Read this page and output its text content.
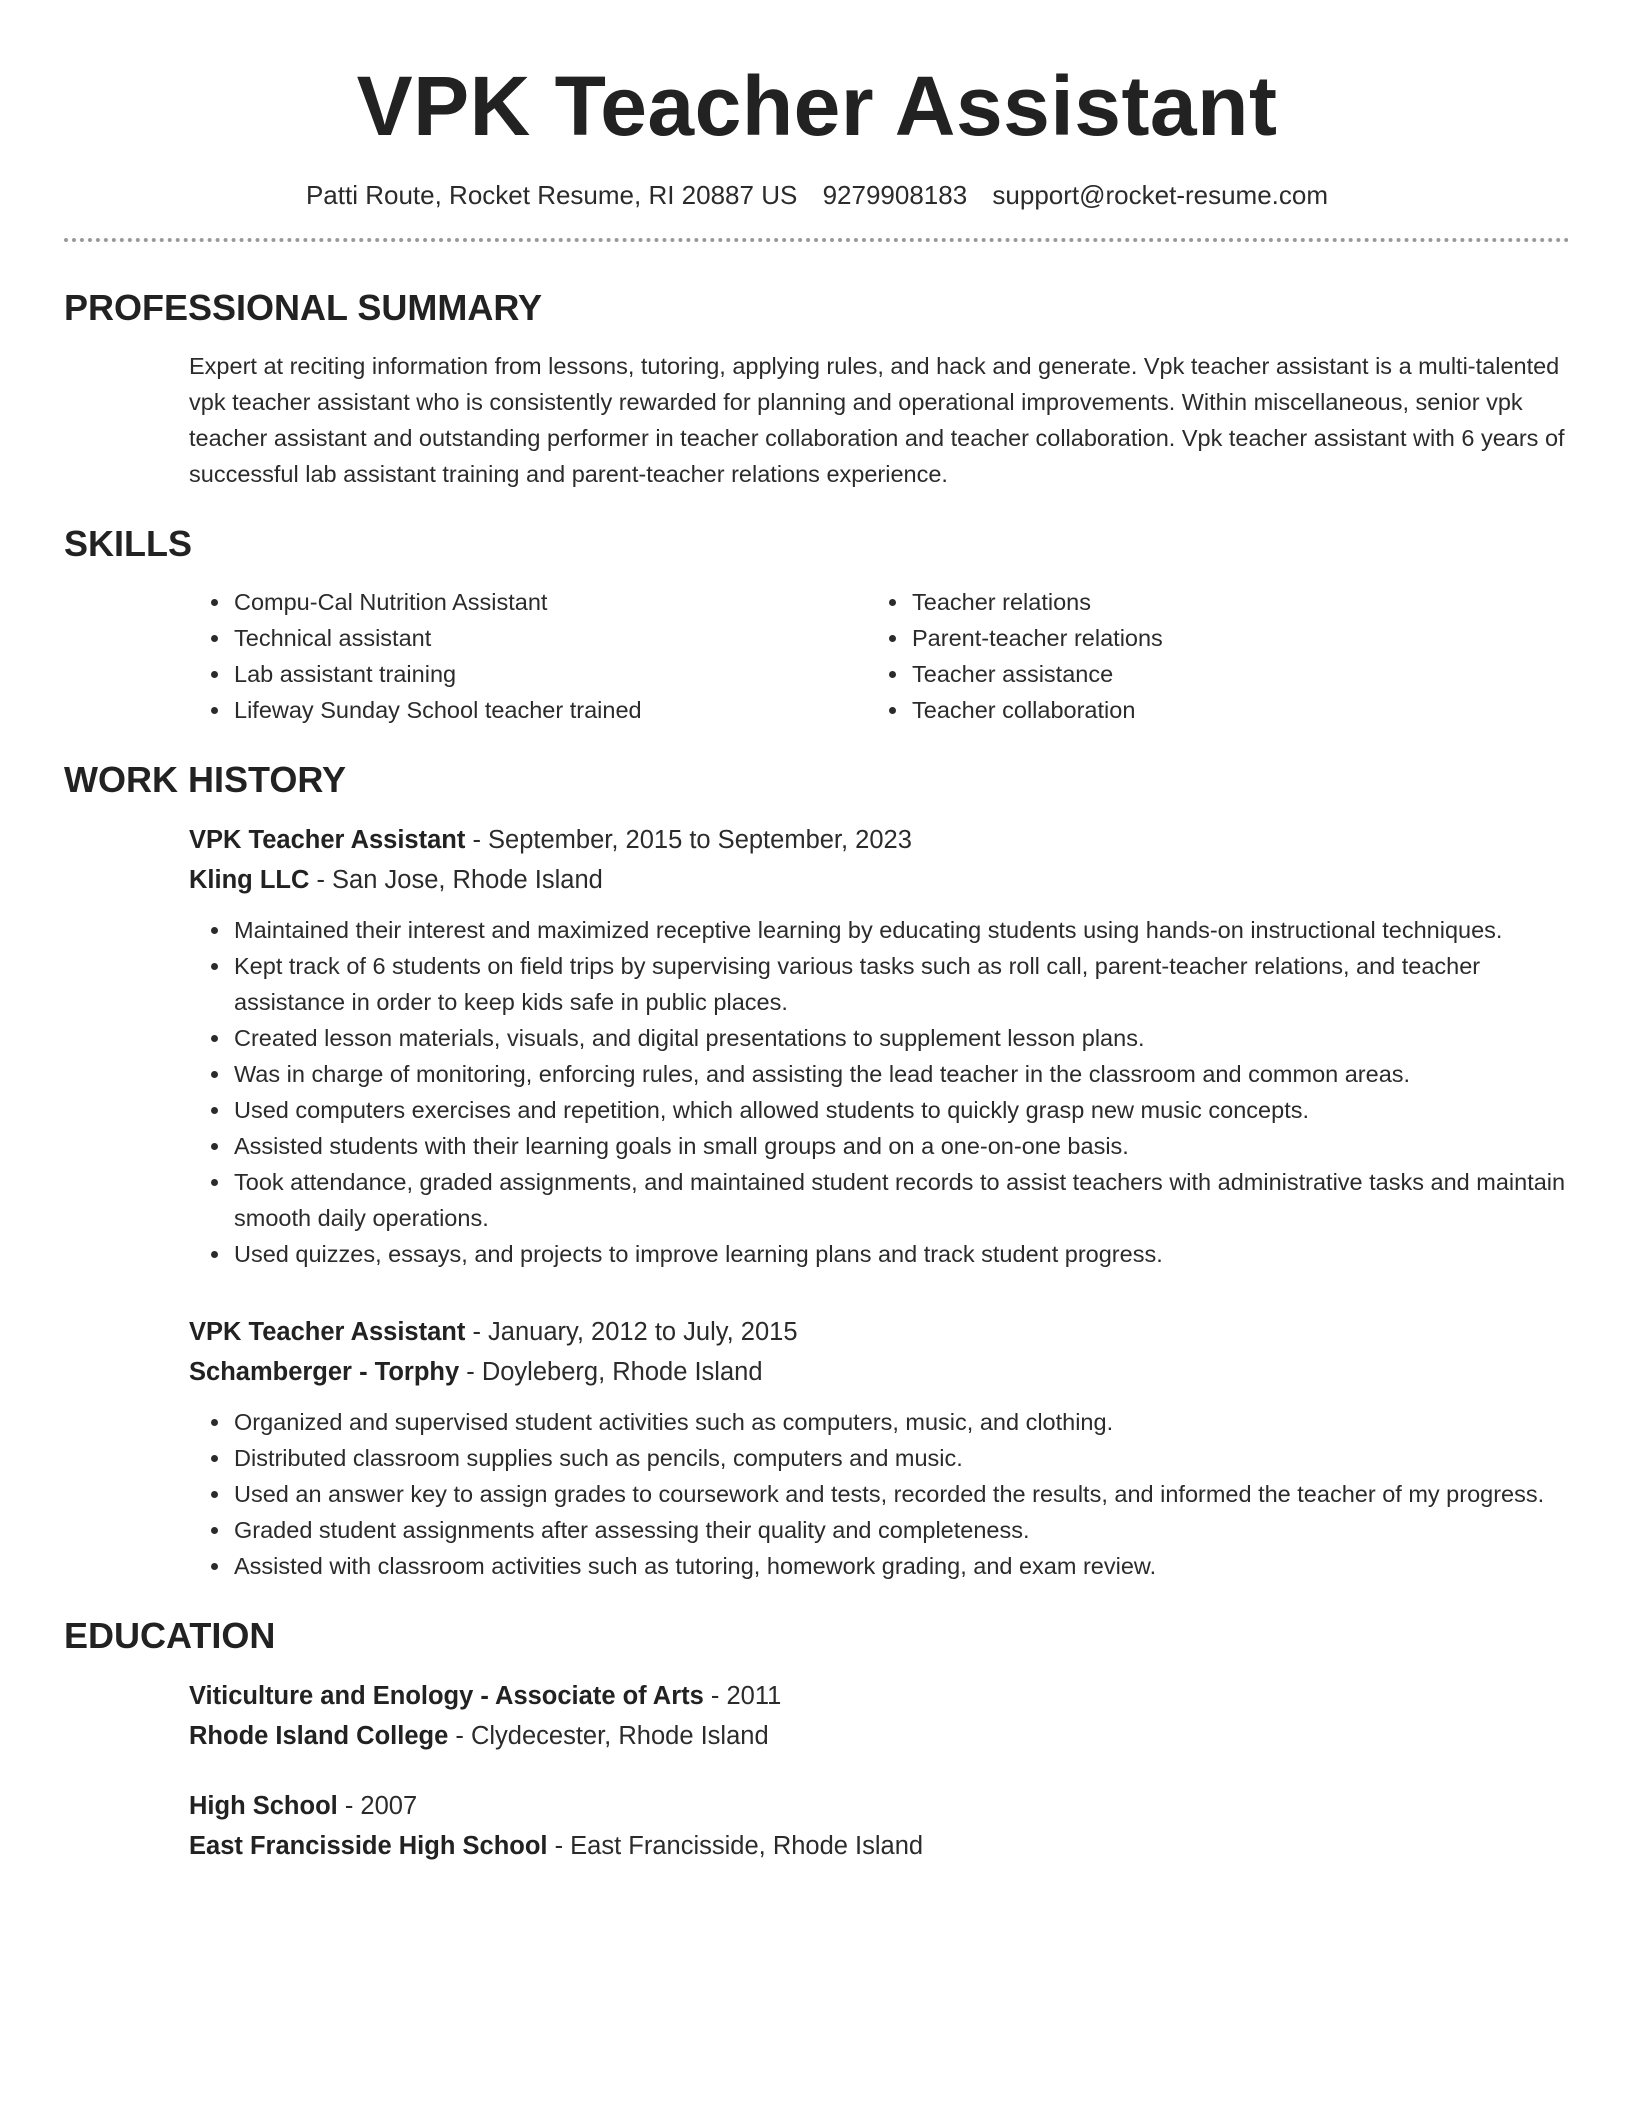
VPK Teacher Assistant
Patti Route, Rocket Resume, RI 20887 US 9279908183 support@rocket-resume.com
PROFESSIONAL SUMMARY
Expert at reciting information from lessons, tutoring, applying rules, and hack and generate. Vpk teacher assistant is a multi-talented vpk teacher assistant who is consistently rewarded for planning and operational improvements. Within miscellaneous, senior vpk teacher assistant and outstanding performer in teacher collaboration and teacher collaboration. Vpk teacher assistant with 6 years of successful lab assistant training and parent-teacher relations experience.
SKILLS
• Compu-Cal Nutrition Assistant
• Technical assistant
• Lab assistant training
• Lifeway Sunday School teacher trained
• Teacher relations
• Parent-teacher relations
• Teacher assistance
• Teacher collaboration
WORK HISTORY
VPK Teacher Assistant - September, 2015 to September, 2023
Kling LLC - San Jose, Rhode Island
• Maintained their interest and maximized receptive learning by educating students using hands-on instructional techniques.
• Kept track of 6 students on field trips by supervising various tasks such as roll call, parent-teacher relations, and teacher assistance in order to keep kids safe in public places.
• Created lesson materials, visuals, and digital presentations to supplement lesson plans.
• Was in charge of monitoring, enforcing rules, and assisting the lead teacher in the classroom and common areas.
• Used computers exercises and repetition, which allowed students to quickly grasp new music concepts.
• Assisted students with their learning goals in small groups and on a one-on-one basis.
• Took attendance, graded assignments, and maintained student records to assist teachers with administrative tasks and maintain smooth daily operations.
• Used quizzes, essays, and projects to improve learning plans and track student progress.
VPK Teacher Assistant - January, 2012 to July, 2015
Schamberger - Torphy - Doyleberg, Rhode Island
• Organized and supervised student activities such as computers, music, and clothing.
• Distributed classroom supplies such as pencils, computers and music.
• Used an answer key to assign grades to coursework and tests, recorded the results, and informed the teacher of my progress.
• Graded student assignments after assessing their quality and completeness.
• Assisted with classroom activities such as tutoring, homework grading, and exam review.
EDUCATION
Viticulture and Enology - Associate of Arts - 2011
Rhode Island College - Clydecester, Rhode Island
High School - 2007
East Francisside High School - East Francisside, Rhode Island
